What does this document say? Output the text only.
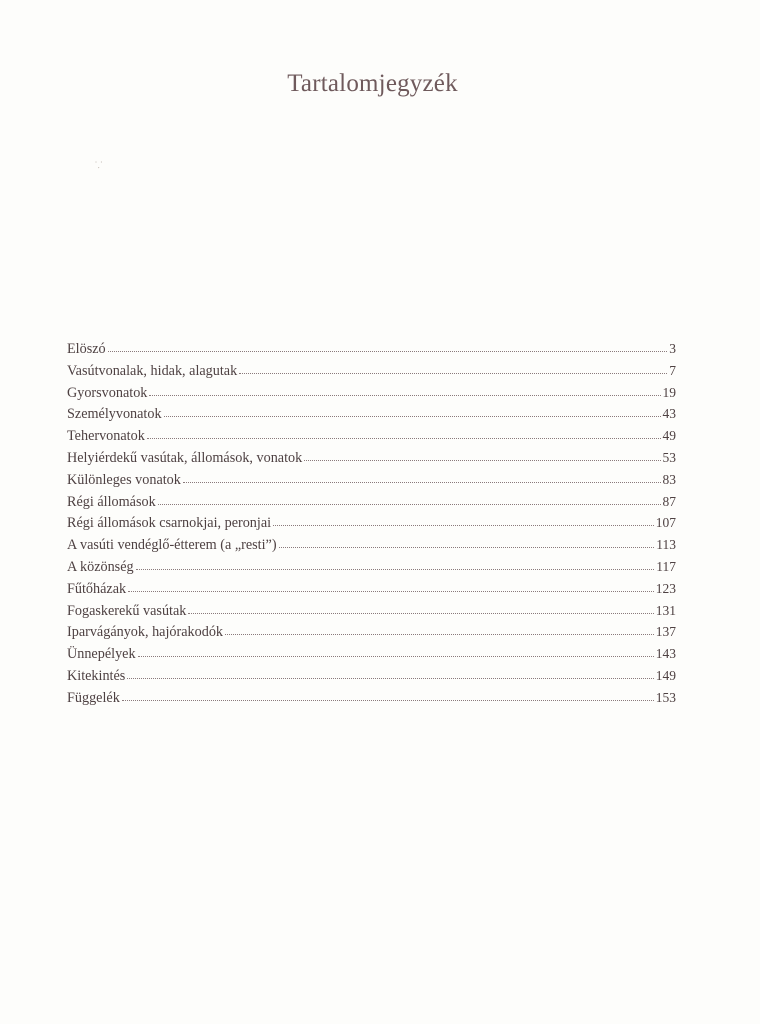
Tartalomjegyzék
⸪
Elöszó	3
Vasútvonalak, hidak, alagutak	7
Gyorsvonatok	19
Személyvonatok	43
Tehervonatok	49
Helyiérdekű vasútak, állomások, vonatok	53
Különleges vonatok	83
Régi állomások	87
Régi állomások csarnokjai, peronjai	107
A vasúti vendéglő-étterem (a „resti”)	113
A közönség	117
Fűtőházak	123
Fogaskerekű vasútak	131
Iparvágányok, hajórakodók	137
Ünnepélyek	143
Kitekintés	149
Függelék	153
